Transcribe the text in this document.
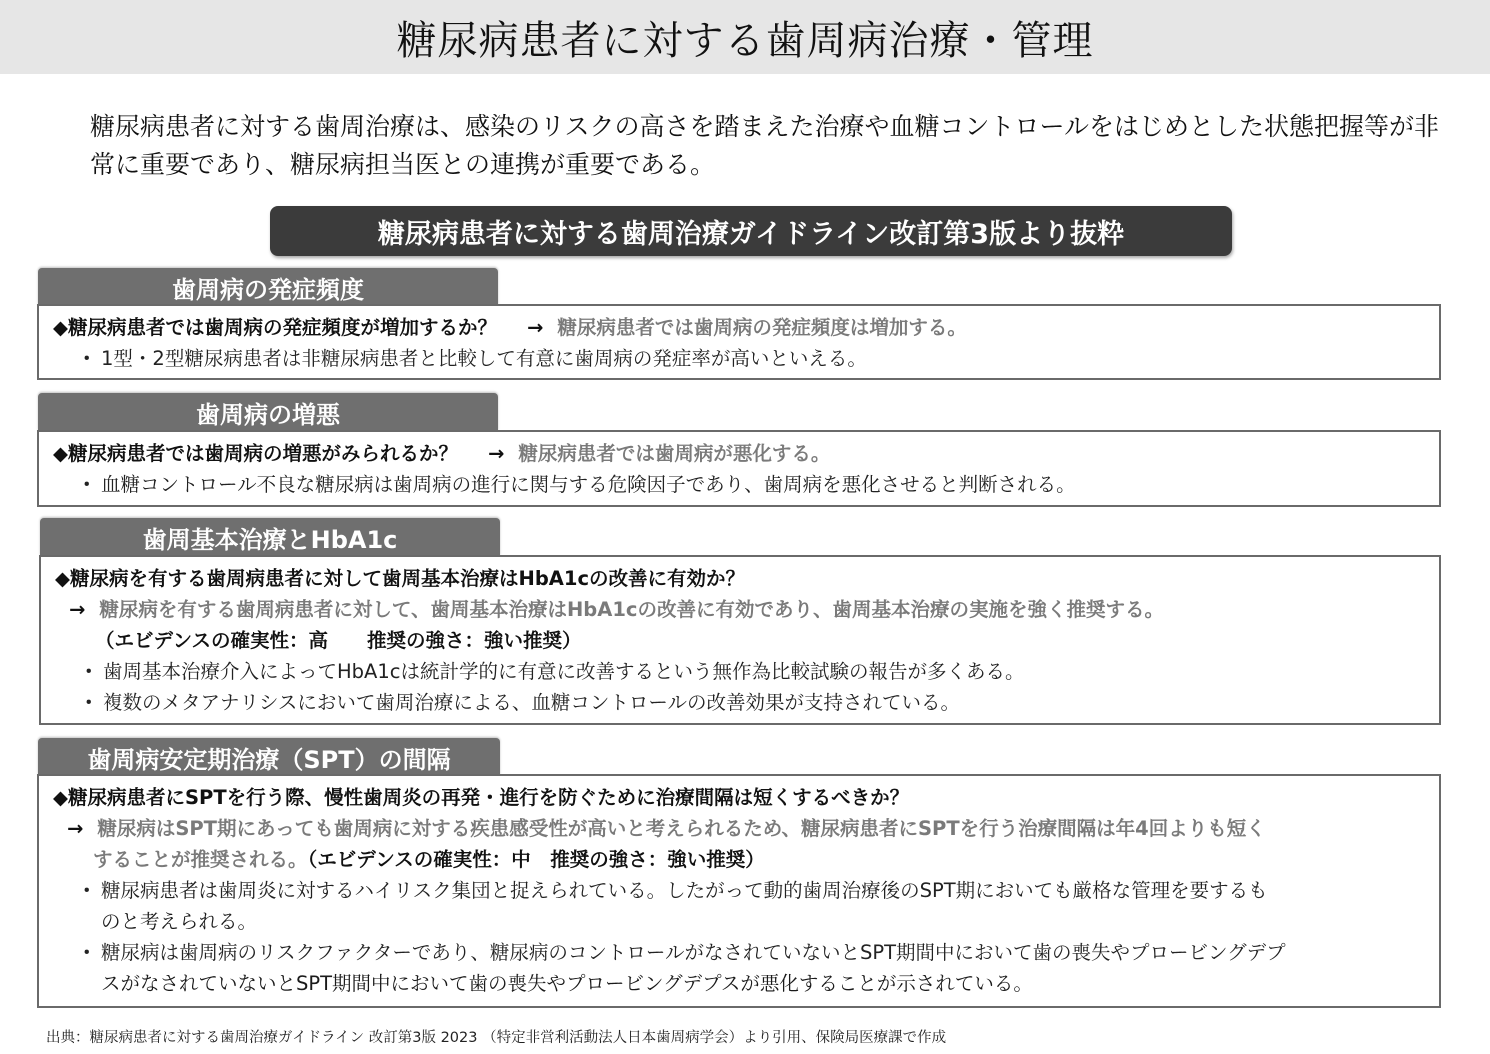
糖尿病患者に対する歯周病治療・管理

糖尿病患者に対する歯周治療は、感染のリスクの高さを踏まえた治療や血糖コントロールをはじめとした状態把握等が非常に重要であり、糖尿病担当医との連携が重要である。

糖尿病患者に対する歯周治療ガイドライン改訂第3版より抜粋
歯周病の発症頻度
◆糖尿病患者では歯周病の発症頻度が増加するか？ → 糖尿病患者では歯周病の発症頻度は増加する。
・ 1型・2型糖尿病患者は非糖尿病患者と比較して有意に歯周病の発症率が高いといえる。
歯周病の増悪
◆糖尿病患者では歯周病の増悪がみられるか？ → 糖尿病患者では歯周病が悪化する。
・ 血糖コントロール不良な糖尿病は歯周病の進行に関与する危険因子であり、歯周病を悪化させると判断される。
歯周基本治療とHbA1c
◆糖尿病を有する歯周病患者に対して歯周基本治療はHbA1cの改善に有効か？
→ 糖尿病を有する歯周病患者に対して、歯周基本治療はHbA1cの改善に有効であり、歯周基本治療の実施を強く推奨する。
（エビデンスの確実性：高　　推奨の強さ：強い推奨）
・ 歯周基本治療介入によってHbA1cは統計学的に有意に改善するという無作為比較試験の報告が多くある。
・ 複数のメタアナリシスにおいて歯周治療による、血糖コントロールの改善効果が支持されている。
歯周病安定期治療（SPT）の間隔
◆糖尿病患者にSPTを行う際、慢性歯周炎の再発・進行を防ぐために治療間隔は短くするべきか？
→ 糖尿病はSPT期にあっても歯周病に対する疾患感受性が高いと考えられるため、糖尿病患者にSPTを行う治療間隔は年4回よりも短く
することが推奨される。（エビデンスの確実性：中　推奨の強さ：強い推奨）
・ 糖尿病患者は歯周炎に対するハイリスク集団と捉えられている。したがって動的歯周治療後のSPT期においても厳格な管理を要するも
のと考えられる。
・ 糖尿病は歯周病のリスクファクターであり、糖尿病のコントロールがなされていないとSPT期間中において歯の喪失やプロービングデプ
スがなされていないとSPT期間中において歯の喪失やプロービングデプスが悪化することが示されている。
出典：糖尿病患者に対する歯周治療ガイドライン 改訂第3版 2023 （特定非営利活動法人日本歯周病学会）より引用、保険局医療課で作成
